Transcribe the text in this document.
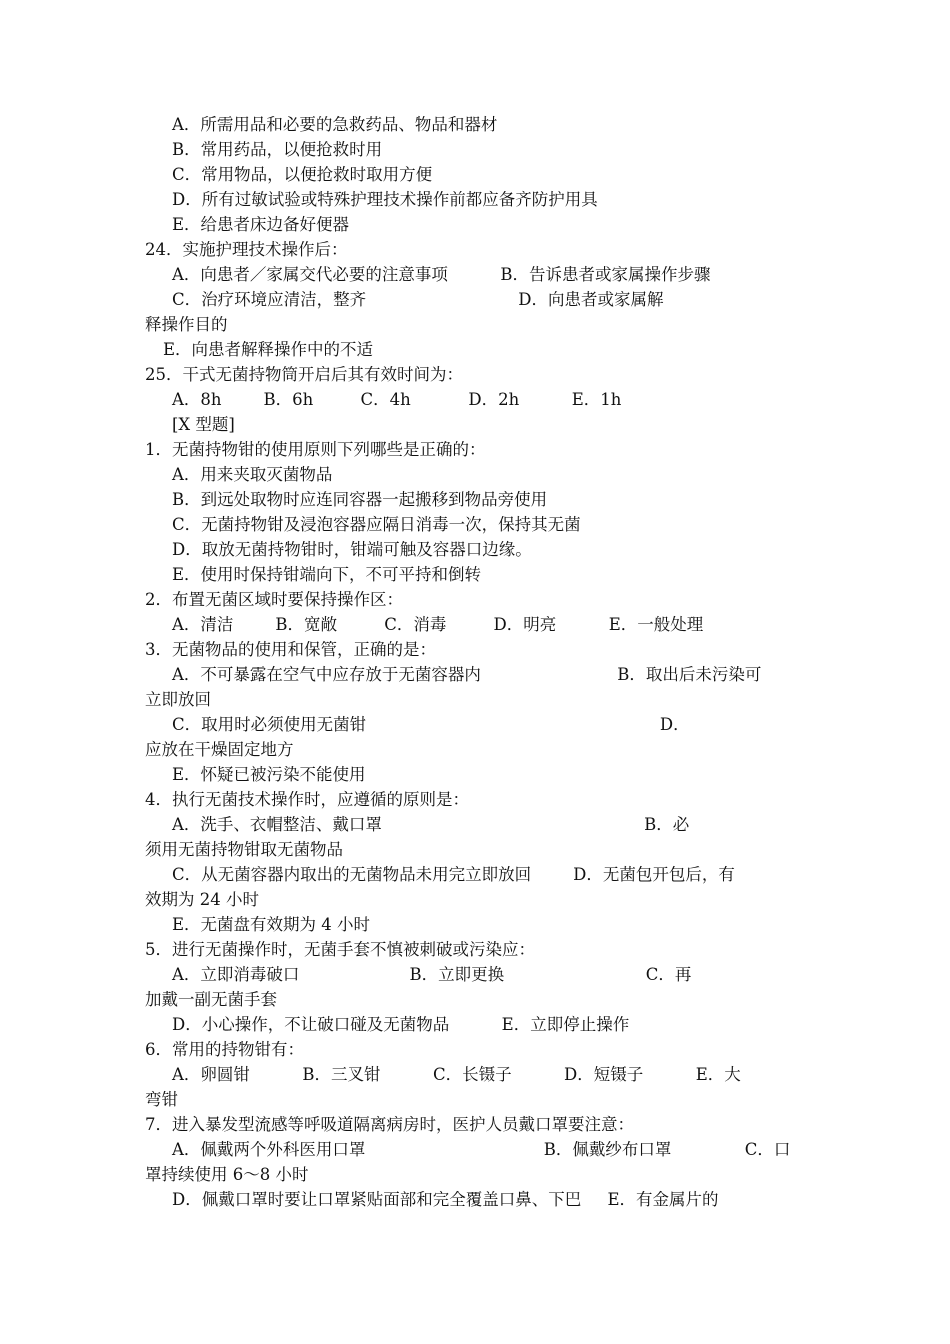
A．所需用品和必要的急救药品、物品和器材
B．常用药品，以便抢救时用
C．常用物品，以便抢救时取用方便
D．所有过敏试验或特殊护理技术操作前都应备齐防护用具
E．给患者床边备好便器
24．实施护理技术操作后：
A．向患者／家属交代必要的注意事项          B．告诉患者或家属操作步骤
C．治疗环境应清洁，整齐                             D．向患者或家属解
释操作目的
E．向患者解释操作中的不适
25．干式无菌持物筒开启后其有效时间为：
A．8h        B．6h         C．4h           D．2h          E．1h
[X 型题]
1．无菌持物钳的使用原则下列哪些是正确的：
A．用来夹取灭菌物品
B．到远处取物时应连同容器一起搬移到物品旁使用
C．无菌持物钳及浸泡容器应隔日消毒一次，保持其无菌
D．取放无菌持物钳时，钳端可触及容器口边缘。
E．使用时保持钳端向下，不可平持和倒转
2．布置无菌区域时要保持操作区：
A．清洁        B．宽敞         C．消毒         D．明亮          E．一般处理
3．无菌物品的使用和保管，正确的是：
A．不可暴露在空气中应存放于无菌容器内                          B．取出后未污染可
立即放回
C．取用时必须使用无菌钳                                                        D．
应放在干燥固定地方
E．怀疑已被污染不能使用
4．执行无菌技术操作时，应遵循的原则是：
A．洗手、衣帽整洁、戴口罩                                                  B．必
须用无菌持物钳取无菌物品
C．从无菌容器内取出的无菌物品未用完立即放回        D．无菌包开包后，有
效期为 24 小时
E．无菌盘有效期为 4 小时
5．进行无菌操作时，无菌手套不慎被刺破或污染应：
A．立即消毒破口                     B．立即更换                           C．再
加戴一副无菌手套
D．小心操作，不让破口碰及无菌物品          E．立即停止操作
6．常用的持物钳有：
A．卵圆钳          B．三叉钳          C．长镊子          D．短镊子          E．大
弯钳
7．进入暴发型流感等呼吸道隔离病房时，医护人员戴口罩要注意：
A．佩戴两个外科医用口罩                                  B．佩戴纱布口罩              C．口
罩持续使用 6～8 小时
D．佩戴口罩时要让口罩紧贴面部和完全覆盖口鼻、下巴     E．有金属片的
